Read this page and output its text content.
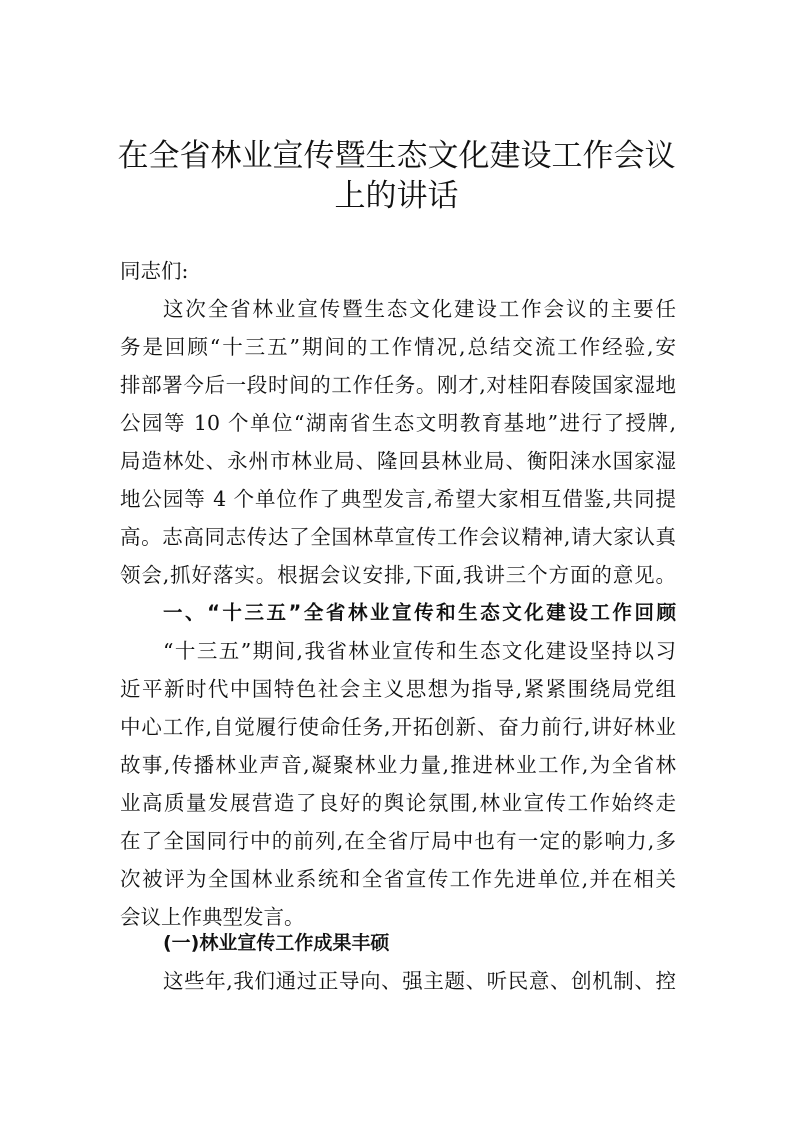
在全省林业宣传暨生态文化建设工作会议
上的讲话
同志们:
这次全省林业宣传暨生态文化建设工作会议的主要任
务是回顾“十三五”期间的工作情况,总结交流工作经验,安
排部署今后一段时间的工作任务。刚才,对桂阳春陵国家湿地
公园等 10 个单位“湖南省生态文明教育基地”进行了授牌,
局造林处、永州市林业局、隆回县林业局、衡阳涞水国家湿
地公园等 4 个单位作了典型发言,希望大家相互借鉴,共同提
高。志高同志传达了全国林草宣传工作会议精神,请大家认真
领会,抓好落实。根据会议安排,下面,我讲三个方面的意见。
一、“十三五”全省林业宣传和生态文化建设工作回顾
“十三五”期间,我省林业宣传和生态文化建设坚持以习
近平新时代中国特色社会主义思想为指导,紧紧围绕局党组
中心工作,自觉履行使命任务,开拓创新、奋力前行,讲好林业
故事,传播林业声音,凝聚林业力量,推进林业工作,为全省林
业高质量发展营造了良好的舆论氛围,林业宣传工作始终走
在了全国同行中的前列,在全省厅局中也有一定的影响力,多
次被评为全国林业系统和全省宣传工作先进单位,并在相关
会议上作典型发言。
(一)林业宣传工作成果丰硕
这些年,我们通过正导向、强主题、听民意、创机制、控
